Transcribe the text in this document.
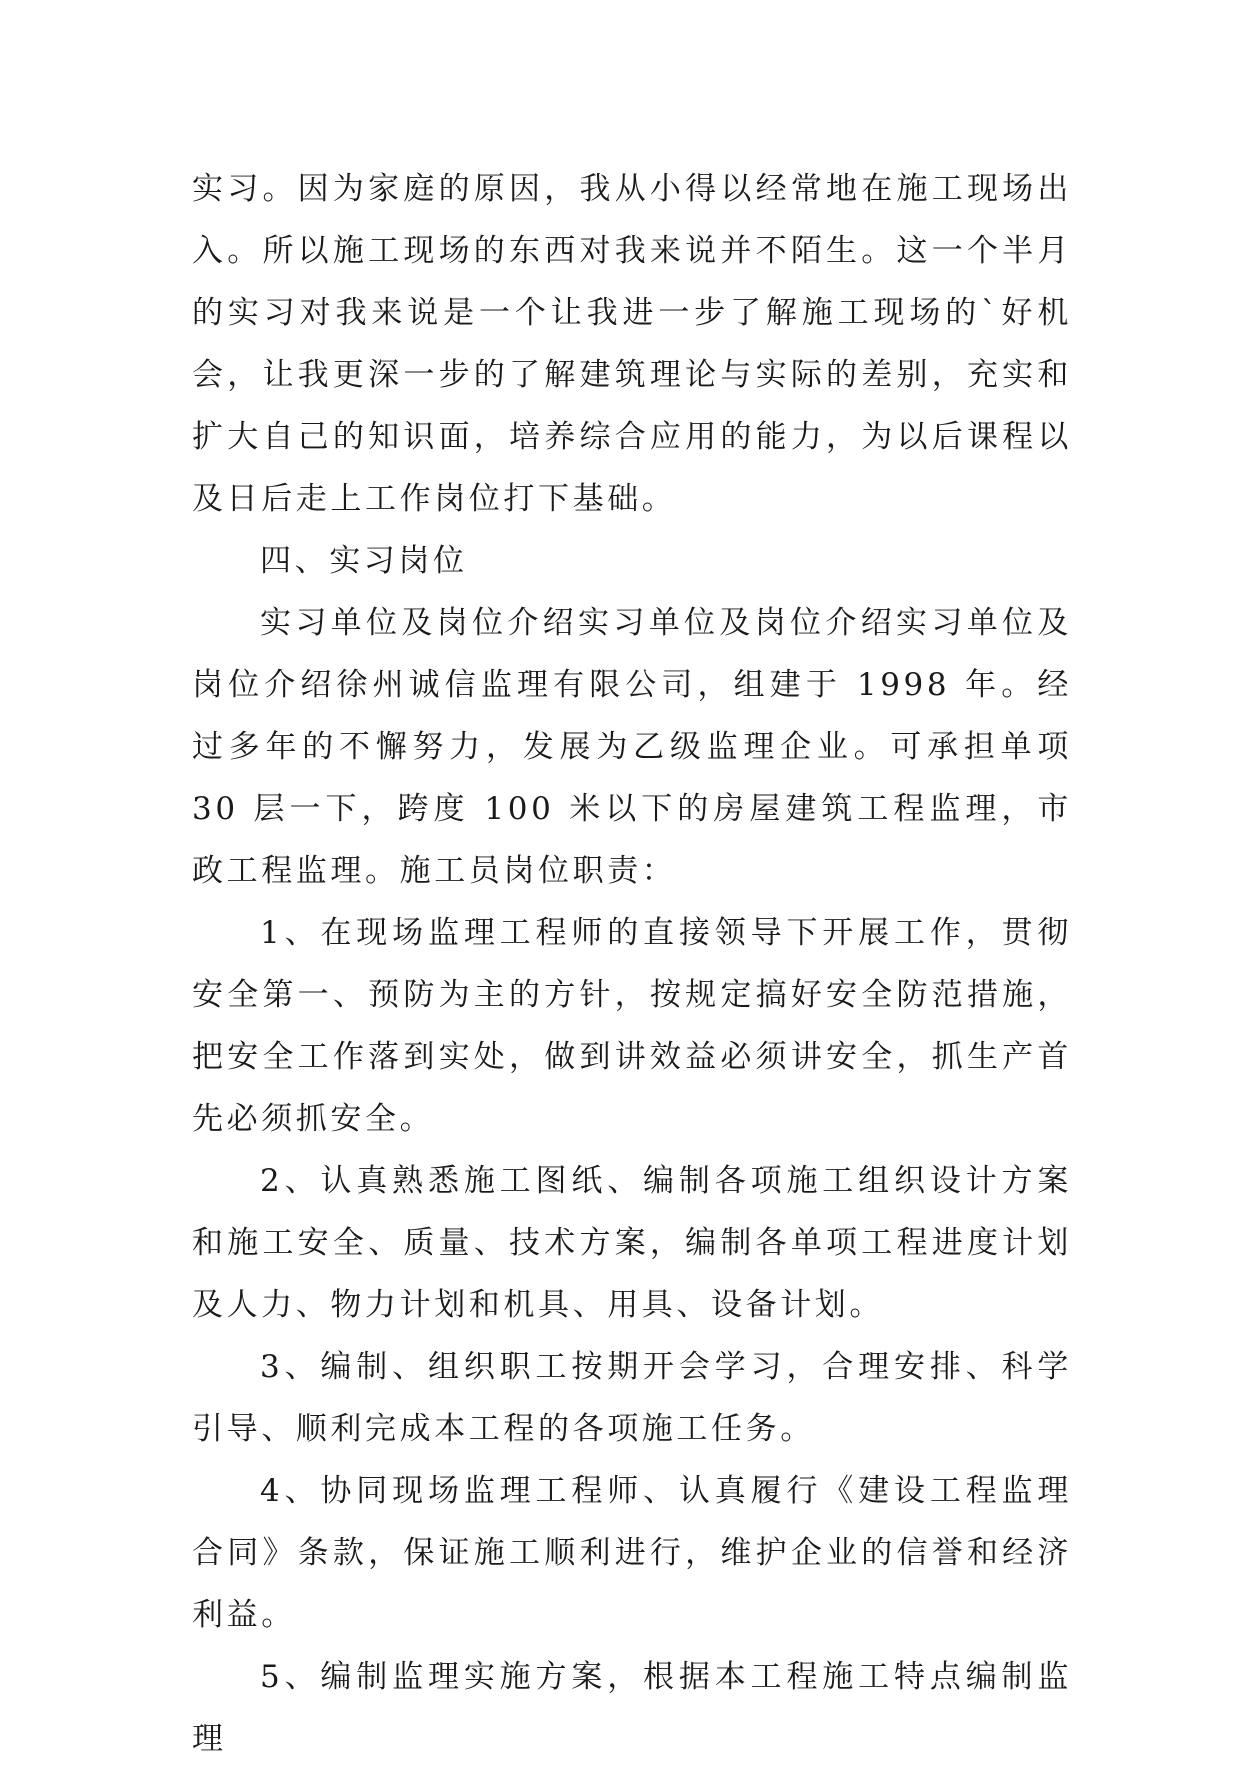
实习。因为家庭的原因，我从小得以经常地在施工现场出入。所以施工现场的东西对我来说并不陌生。这一个半月的实习对我来说是一个让我进一步了解施工现场的`好机会，让我更深一步的了解建筑理论与实际的差别，充实和扩大自己的知识面，培养综合应用的能力，为以后课程以及日后走上工作岗位打下基础。

四、实习岗位

实习单位及岗位介绍实习单位及岗位介绍实习单位及岗位介绍徐州诚信监理有限公司，组建于 1998 年。经过多年的不懈努力，发展为乙级监理企业。可承担单项 30 层一下，跨度 100 米以下的房屋建筑工程监理，市政工程监理。施工员岗位职责：

1、在现场监理工程师的直接领导下开展工作，贯彻安全第一、预防为主的方针，按规定搞好安全防范措施，把安全工作落到实处，做到讲效益必须讲安全，抓生产首先必须抓安全。

2、认真熟悉施工图纸、编制各项施工组织设计方案和施工安全、质量、技术方案，编制各单项工程进度计划及人力、物力计划和机具、用具、设备计划。

3、编制、组织职工按期开会学习，合理安排、科学引导、顺利完成本工程的各项施工任务。

4、协同现场监理工程师、认真履行《建设工程监理合同》条款，保证施工顺利进行，维护企业的信誉和经济利益。

5、编制监理实施方案，根据本工程施工特点编制监理
